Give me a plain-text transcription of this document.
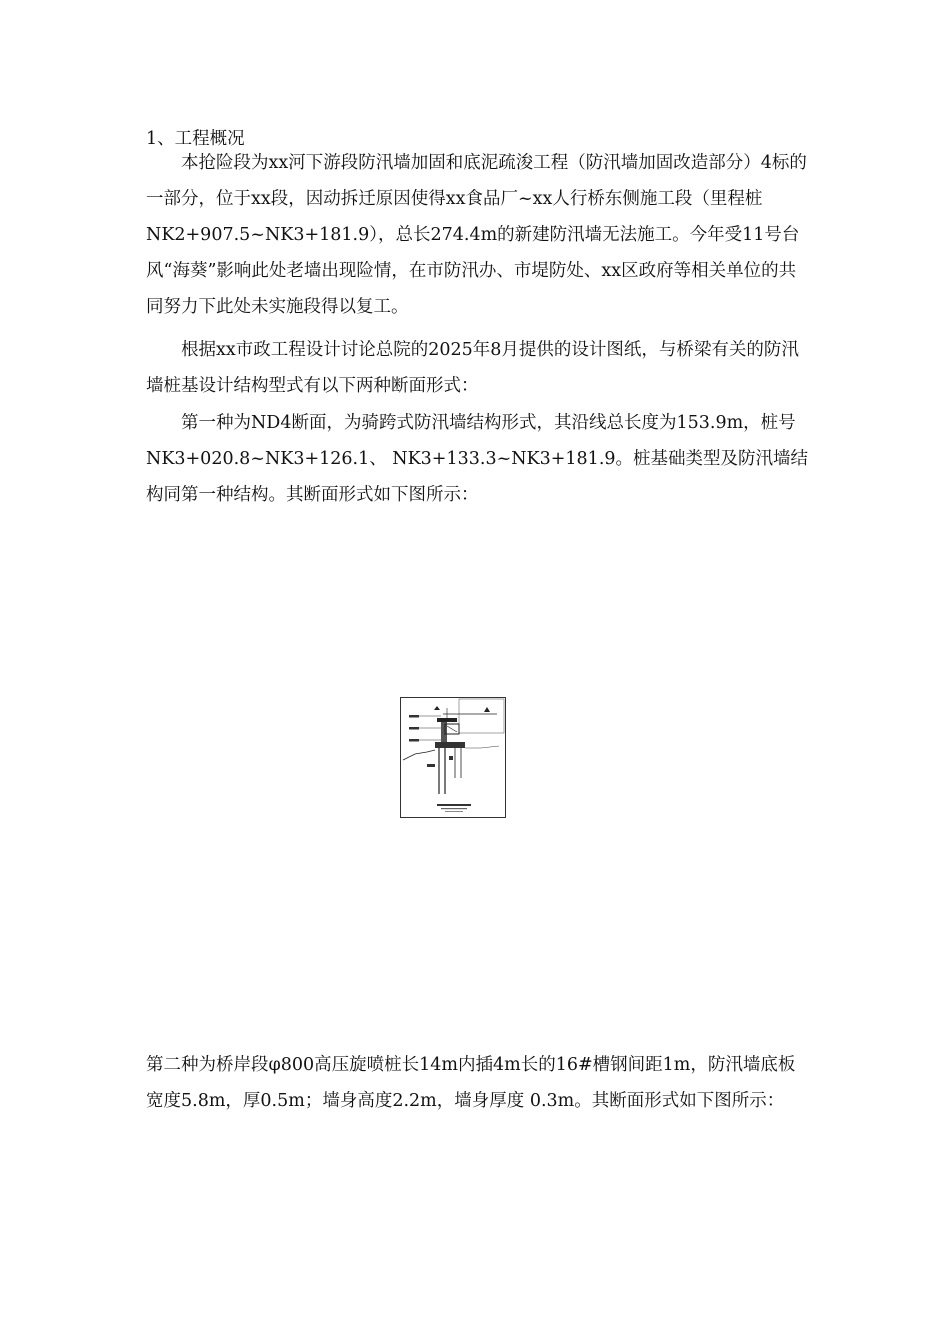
1、工程概况

本抢险段为xx河下游段防汛墙加固和底泥疏浚工程（防汛墙加固改造部分）4标的一部分，位于xx段，因动拆迁原因使得xx食品厂~xx人行桥东侧施工段（里程桩NK2+907.5~NK3+181.9），总长274.4m的新建防汛墙无法施工。今年受11号台风“海葵”影响此处老墙出现险情，在市防汛办、市堤防处、xx区政府等相关单位的共同努力下此处未实施段得以复工。

根据xx市政工程设计讨论总院的2025年8月提供的设计图纸，与桥梁有关的防汛墙桩基设计结构型式有以下两种断面形式：

第一种为ND4断面，为骑跨式防汛墙结构形式，其沿线总长度为153.9m，桩号NK3+020.8~NK3+126.1、 NK3+133.3~NK3+181.9。桩基础类型及防汛墙结构同第一种结构。其断面形式如下图所示：

第二种为桥岸段φ800高压旋喷桩长14m内插4m长的16#槽钢间距1m，防汛墙底板宽度5.8m，厚0.5m；墙身高度2.2m，墙身厚度 0.3m。其断面形式如下图所示：
